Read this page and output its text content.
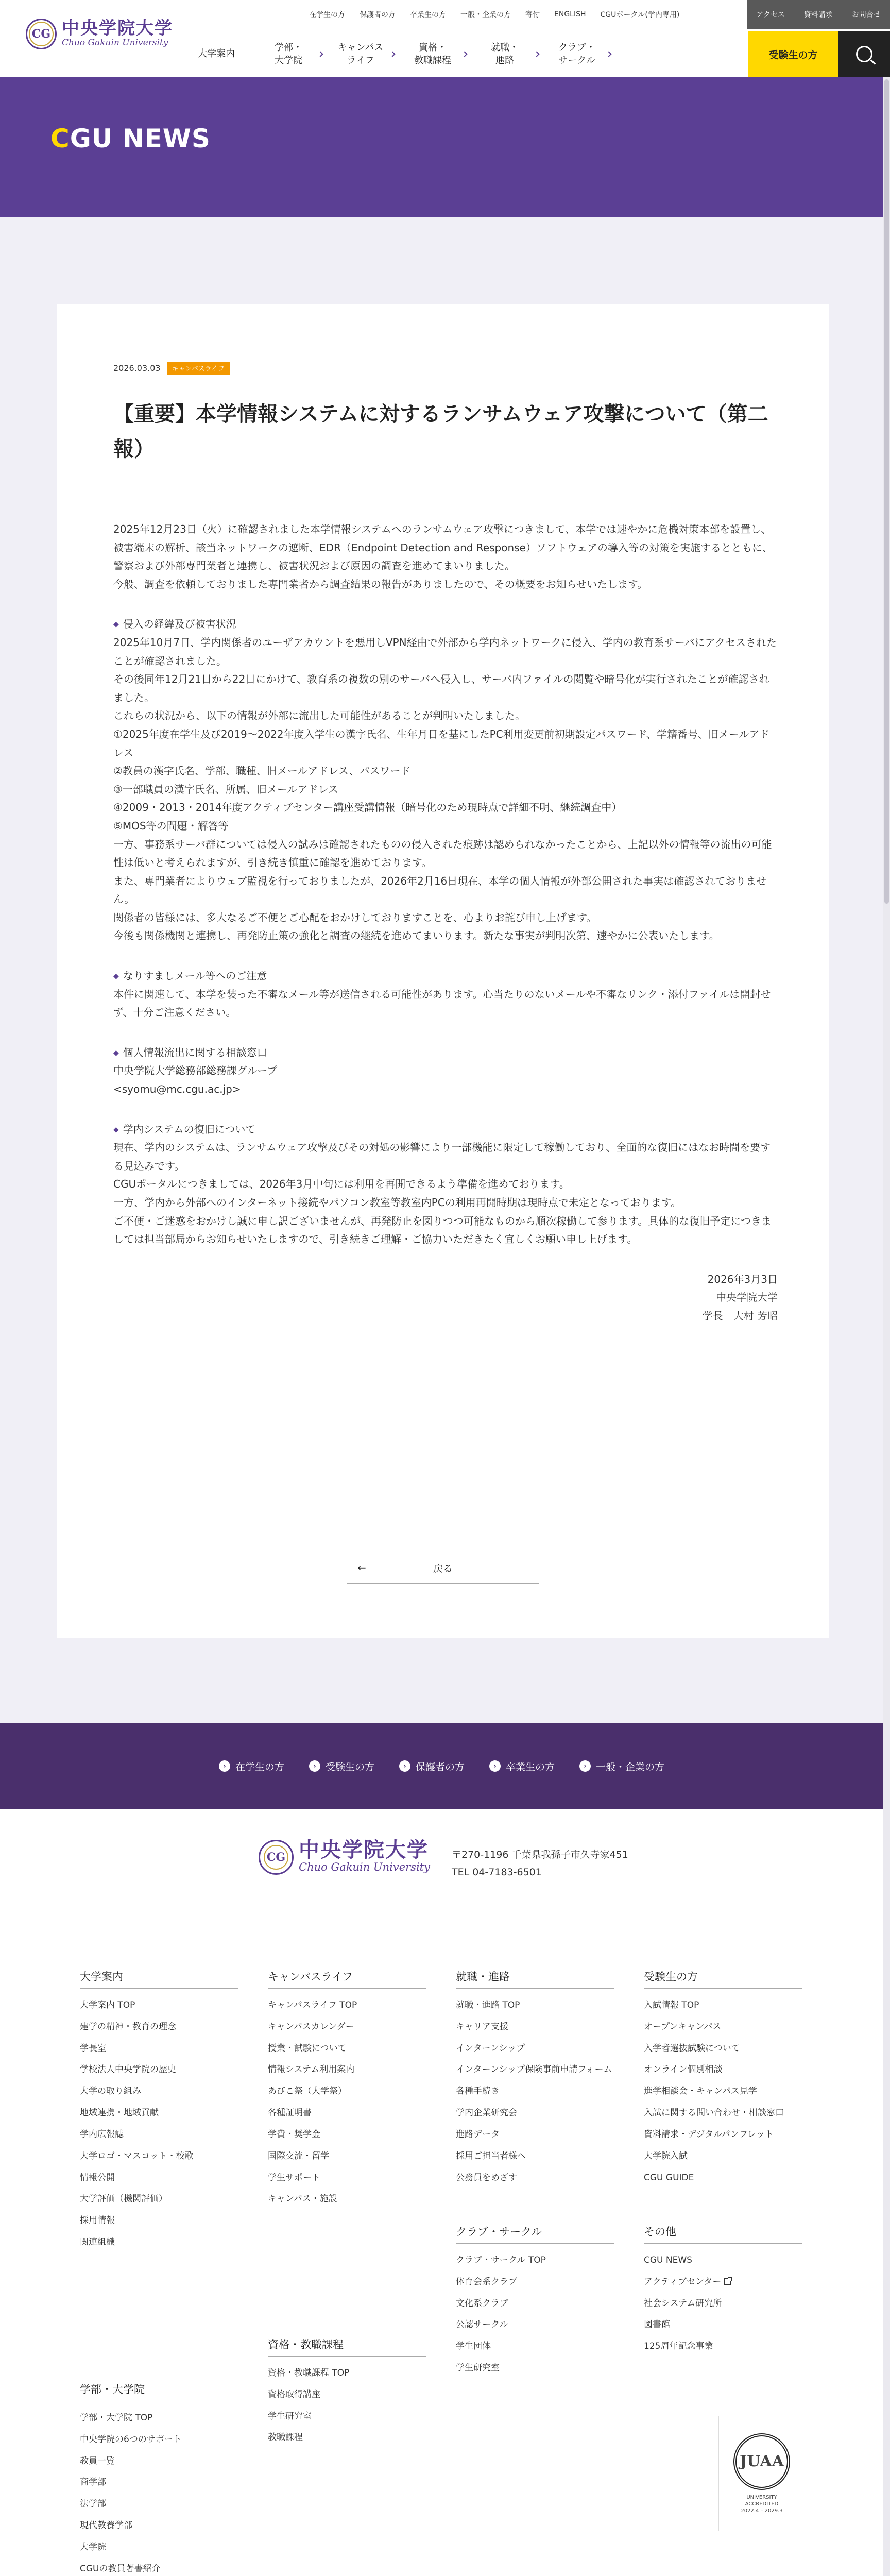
CG 中央学院大学
Chuo Gakuin University
在学生の方 保護者の方 卒業生の方 一般・企業の方 寄付 ENGLISH CGUポータル(学内専用)	アクセス	資料請求	お問合せ
大学案内
学部・
大学院
キャンパス
ライフ
資格・
教職課程
就職・
進路
クラブ・
サークル	受験生の方
CGU NEWS
2026.03.03	キャンパスライフ
【重要】本学情報システムに対するランサムウェア攻撃について（第二報）

2025年12月23日（火）に確認されました本学情報システムへのランサムウェア攻撃につきまして、本学では速やかに危機対策本部を設置し、被害端末の解析、該当ネットワークの遮断、EDR（Endpoint Detection and Response）ソフトウェアの導入等の対策を実施するとともに、警察および外部専門業者と連携し、被害状況および原因の調査を進めてまいりました。

今般、調査を依頼しておりました専門業者から調査結果の報告がありましたので、その概要をお知らせいたします。

◆ 侵入の経緯及び被害状況

2025年10月7日、学内関係者のユーザアカウントを悪用しVPN経由で外部から学内ネットワークに侵入、学内の教育系サーバにアクセスされたことが確認されました。

その後同年12月21日から22日にかけて、教育系の複数の別のサーバへ侵入し、サーバ内ファイルの閲覧や暗号化が実行されたことが確認されました。

これらの状況から、以下の情報が外部に流出した可能性があることが判明いたしました。

①2025年度在学生及び2019～2022年度入学生の漢字氏名、生年月日を基にしたPC利用変更前初期設定パスワード、学籍番号、旧メールアドレス

②教員の漢字氏名、学部、職種、旧メールアドレス、パスワード

③一部職員の漢字氏名、所属、旧メールアドレス

④2009・2013・2014年度アクティブセンター講座受講情報（暗号化のため現時点で詳細不明、継続調査中）

⑤MOS等の問題・解答等

一方、事務系サーバ群については侵入の試みは確認されたものの侵入された痕跡は認められなかったことから、上記以外の情報等の流出の可能性は低いと考えられますが、引き続き慎重に確認を進めております。

また、専門業者によりウェブ監視を行っておりましたが、2026年2月16日現在、本学の個人情報が外部公開された事実は確認されておりません。

関係者の皆様には、多大なるご不便とご心配をおかけしておりますことを、心よりお詫び申し上げます。

今後も関係機関と連携し、再発防止策の強化と調査の継続を進めてまいります。新たな事実が判明次第、速やかに公表いたします。

◆ なりすましメール等へのご注意

本件に関連して、本学を装った不審なメール等が送信される可能性があります。心当たりのないメールや不審なリンク・添付ファイルは開封せず、十分ご注意ください。

◆ 個人情報流出に関する相談窓口

中央学院大学総務部総務課グループ

<syomu@mc.cgu.ac.jp>

◆ 学内システムの復旧について

現在、学内のシステムは、ランサムウェア攻撃及びその対処の影響により一部機能に限定して稼働しており、全面的な復旧にはなお時間を要する見込みです。

CGUポータルにつきましては、2026年3月中旬には利用を再開できるよう準備を進めております。

一方、学内から外部へのインターネット接続やパソコン教室等教室内PCの利用再開時期は現時点で未定となっております。

ご不便・ご迷惑をおかけし誠に申し訳ございませんが、再発防止を図りつつ可能なものから順次稼働して参ります。具体的な復旧予定につきましては担当部局からお知らせいたしますので、引き続きご理解・ご協力いただきたく宜しくお願い申し上げます。

2026年3月3日

中央学院大学

学長　大村 芳昭

←	戻る
› 在学生の方	› 受験生の方	› 保護者の方	› 卒業生の方	› 一般・企業の方
CG 中央学院大学
Chuo Gakuin University
〒270-1196 千葉県我孫子市久寺家451
TEL 04-7183-6501
大学案内
大学案内 TOP
建学の精神・教育の理念
学長室
学校法人中央学院の歴史
大学の取り組み
地域連携・地域貢献
学内広報誌
大学ロゴ・マスコット・校歌
情報公開
大学評価（機関評価）
採用情報
関連組織
学部・大学院
学部・大学院 TOP
中央学院の6つのサポート
教員一覧
商学部
法学部
現代教養学部
大学院
CGUの教員著書紹介
キャンパスライフ
キャンパスライフ TOP
キャンパスカレンダー
授業・試験について
情報システム利用案内
あびこ祭（大学祭）
各種証明書
学費・奨学金
国際交流・留学
学生サポート
キャンパス・施設
資格・教職課程
資格・教職課程 TOP
資格取得講座
学生研究室
教職課程
就職・進路
就職・進路 TOP
キャリア支援
インターンシップ
インターンシップ保険事前申請フォーム
各種手続き
学内企業研究会
進路データ
採用ご担当者様へ
公務員をめざす
クラブ・サークル
クラブ・サークル TOP
体育会系クラブ
文化系クラブ
公認サークル
学生団体
学生研究室
受験生の方
入試情報 TOP
オープンキャンパス
入学者選抜試験について
オンライン個別相談
進学相談会・キャンパス見学
入試に関する問い合わせ・相談窓口
資料請求・デジタルパンフレット
大学院入試
CGU GUIDE
その他
CGU NEWS
アクティブセンター
社会システム研究所
図書館
125周年記念事業
JUAA
UNIVERSITY
ACCREDITED
2022.4 – 2029.3
